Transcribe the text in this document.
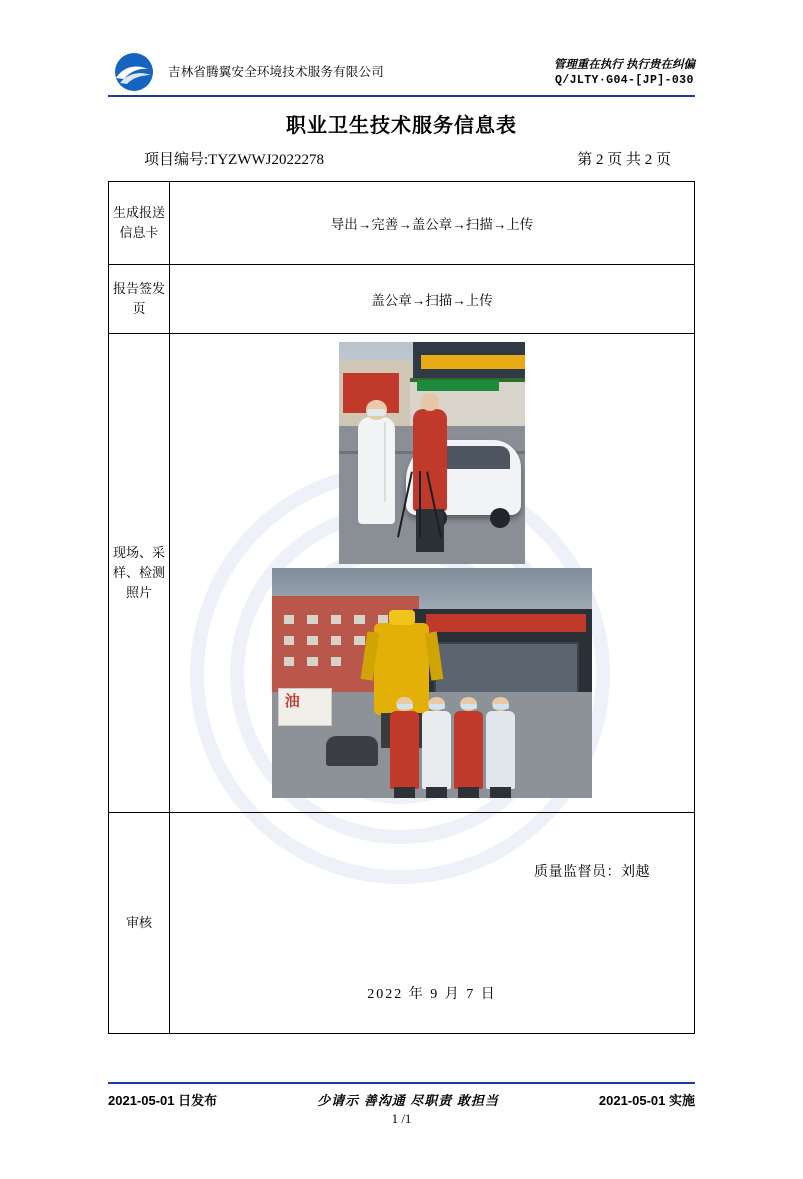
吉林省腾翼安全环境技术服务有限公司
管理重在执行 执行贵在纠偏
Q/JLTY·G04-[JP]-030
职业卫生技术服务信息表
项目编号:TYZWWJ2022278	第 2 页 共 2 页
生成报送信息卡	导出→完善→盖公章→扫描→上传
报告签发页	盖公章→扫描→上传
现场、采样、检测照片	油

审核	质量监督员：刘越
2022 年 9 月 7 日
2021-05-01 日发布	少请示 善沟通 尽职责 敢担当	2021-05-01 实施
1 /1
